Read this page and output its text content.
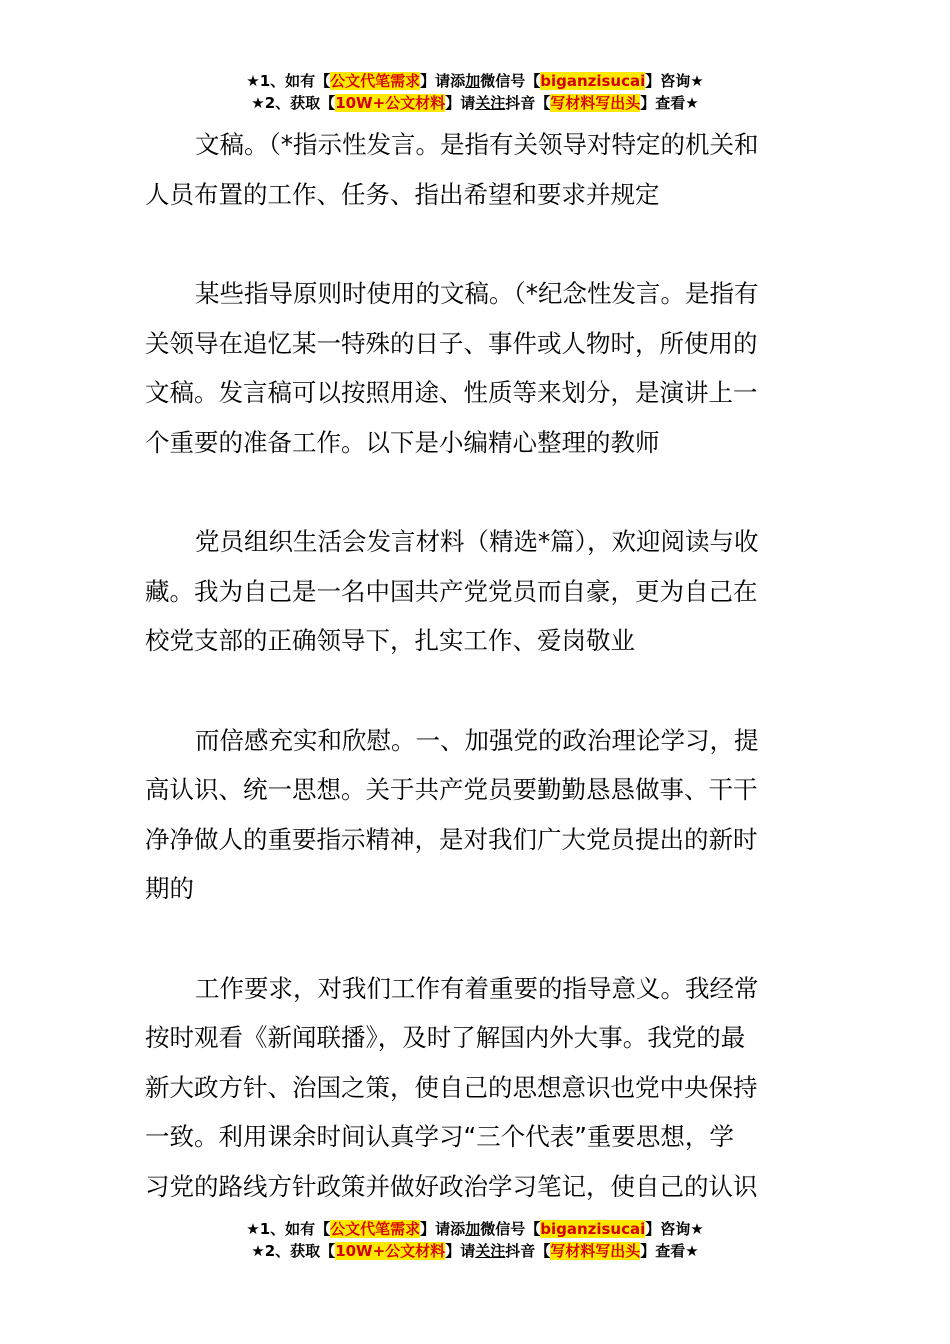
★1、如有【公文代笔需求】请添加微信号【biganzisucai】咨询★
★2、获取【10W+公文材料】请关注抖音【写材料写出头】查看★

文稿。（*指示性发言。是指有关领导对特定的机关和
人员布置的工作、任务、指出希望和要求并规定

某些指导原则时使用的文稿。（*纪念性发言。是指有
关领导在追忆某一特殊的日子、事件或人物时，所使用的
文稿。发言稿可以按照用途、性质等来划分，是演讲上一
个重要的准备工作。以下是小编精心整理的教师

党员组织生活会发言材料（精选*篇），欢迎阅读与收
藏。我为自己是一名中国共产党党员而自豪，更为自己在
校党支部的正确领导下，扎实工作、爱岗敬业

而倍感充实和欣慰。一、加强党的政治理论学习，提
高认识、统一思想。关于共产党员要勤勤恳恳做事、干干
净净做人的重要指示精神，是对我们广大党员提出的新时
期的

工作要求，对我们工作有着重要的指导意义。我经常
按时观看《新闻联播》，及时了解国内外大事。我党的最
新大政方针、治国之策，使自己的思想意识也党中央保持
一致。利用课余时间认真学习“三个代表”重要思想，学
习党的路线方针政策并做好政治学习笔记，使自己的认识

★1、如有【公文代笔需求】请添加微信号【biganzisucai】咨询★
★2、获取【10W+公文材料】请关注抖音【写材料写出头】查看★
